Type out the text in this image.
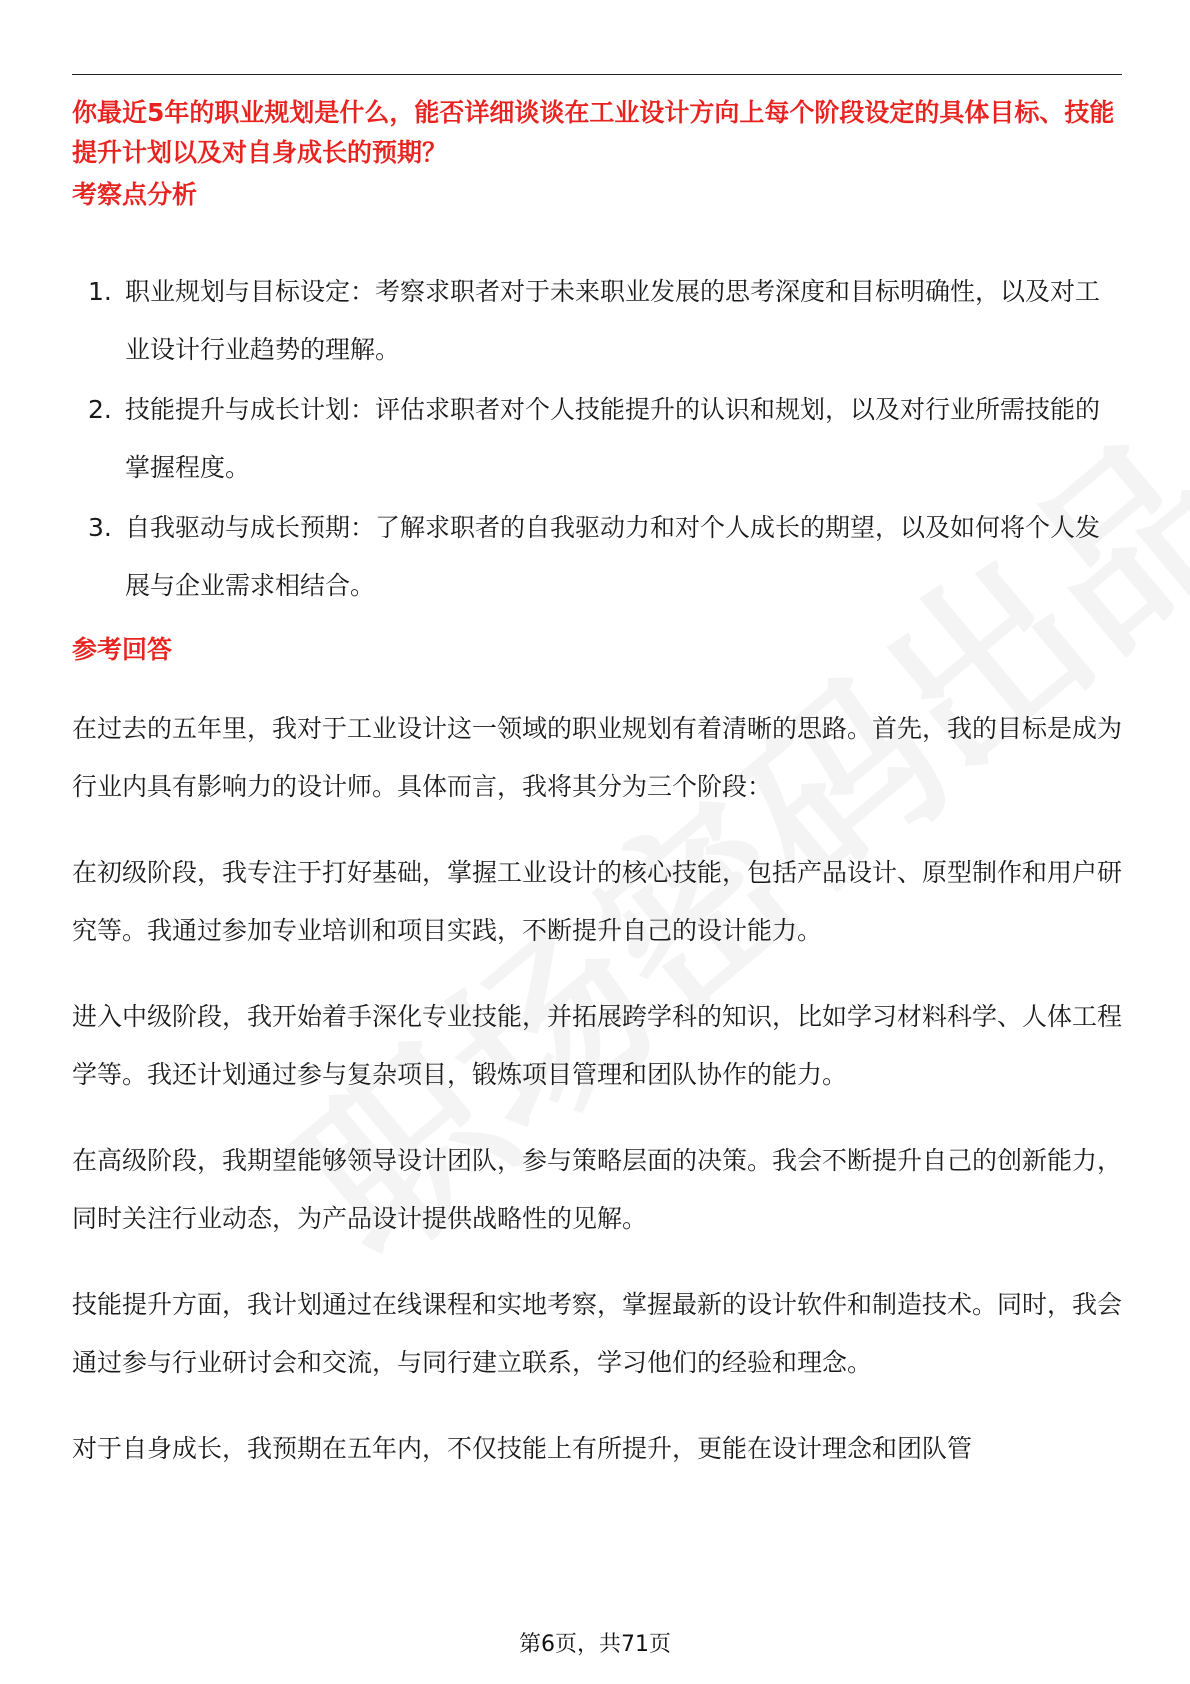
你最近5年的职业规划是什么，能否详细谈谈在工业设计方向上每个阶段设定的具体目标、技能提升计划以及对自身成长的预期？
考察点分析
1. 职业规划与目标设定：考察求职者对于未来职业发展的思考深度和目标明确性，以及对工业设计行业趋势的理解。
2. 技能提升与成长计划：评估求职者对个人技能提升的认识和规划，以及对行业所需技能的掌握程度。
3. 自我驱动与成长预期：了解求职者的自我驱动力和对个人成长的期望，以及如何将个人发展与企业需求相结合。
参考回答

在过去的五年里，我对于工业设计这一领域的职业规划有着清晰的思路。首先，我的目标是成为行业内具有影响力的设计师。具体而言，我将其分为三个阶段：

在初级阶段，我专注于打好基础，掌握工业设计的核心技能，包括产品设计、原型制作和用户研究等。我通过参加专业培训和项目实践，不断提升自己的设计能力。

进入中级阶段，我开始着手深化专业技能，并拓展跨学科的知识，比如学习材料科学、人体工程学等。我还计划通过参与复杂项目，锻炼项目管理和团队协作的能力。

在高级阶段，我期望能够领导设计团队，参与策略层面的决策。我会不断提升自己的创新能力，同时关注行业动态，为产品设计提供战略性的见解。

技能提升方面，我计划通过在线课程和实地考察，掌握最新的设计软件和制造技术。同时，我会通过参与行业研讨会和交流，与同行建立联系，学习他们的经验和理念。

对于自身成长，我预期在五年内，不仅技能上有所提升，更能在设计理念和团队管

第6页，共71页
